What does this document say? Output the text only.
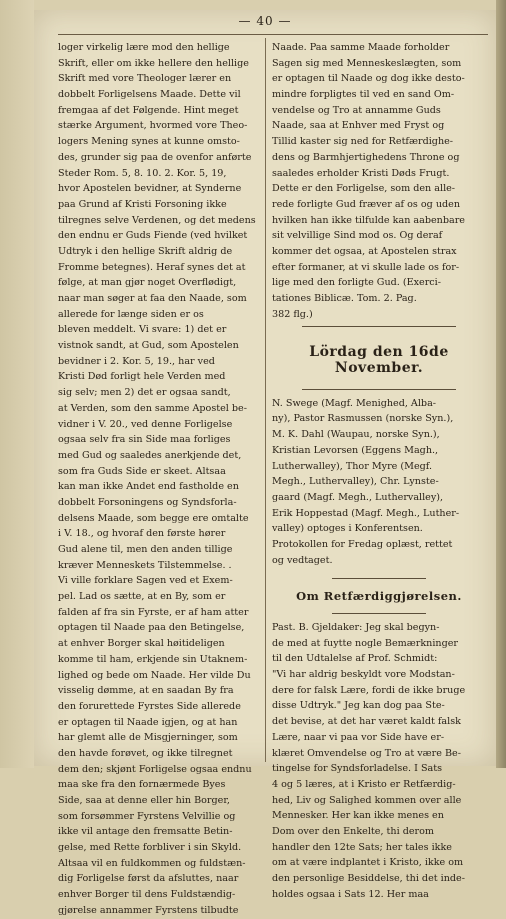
— 40 —
loger virkelig lære mod den hellige
Skrift, eller om ikke hellere den hellige
Skrift med vore Theologer lærer en
dobbelt Forligelsens Maade. Dette vil
fremgaa af det Følgende. Hint meget
stærke Argument, hvormed vore Theo-
logers Mening synes at kunne omsto-
des, grunder sig paa de ovenfor anførte
Steder Rom. 5, 8. 10. 2. Kor. 5, 19,
hvor Apostelen bevidner, at Synderne
paa Grund af Kristi Forsoning ikke
tilregnes selve Verdenen, og det medens
den endnu er Guds Fiende (ved hvilket
Udtryk i den hellige Skrift aldrig de
Fromme betegnes). Heraf synes det at
følge, at man gjør noget Overflødigt,
naar man søger at faa den Naade, som
allerede for længe siden er os
bleven meddelt. Vi svare: 1) det er
vistnok sandt, at Gud, som Apostelen
bevidner i 2. Kor. 5, 19., har ved
Kristi Død forligt hele Verden med
sig selv; men 2) det er ogsaa sandt,
at Verden, som den samme Apostel be-
vidner i V. 20., ved denne Forligelse
ogsaa selv fra sin Side maa forliges
med Gud og saaledes anerkjende det,
som fra Guds Side er skeet. Altsaa
kan man ikke Andet end fastholde en
dobbelt Forsoningens og Syndsforla-
delsens Maade, som begge ere omtalte
i V. 18., og hvoraf den første hører
Gud alene til, men den anden tillige
kræver Menneskets Tilstemmelse. .
Vi ville forklare Sagen ved et Exem-
pel. Lad os sætte, at en By, som er
falden af fra sin Fyrste, er af ham atter
optagen til Naade paa den Betingelse,
at enhver Borger skal høitideligen
komme til ham, erkjende sin Utaknem-
lighed og bede om Naade. Her vilde Du
visselig dømme, at en saadan By fra
den forurettede Fyrstes Side allerede
er optagen til Naade igjen, og at han
har glemt alle de Misgjerninger, som
den havde forøvet, og ikke tilregnet
dem den; skjønt Forligelse ogsaa endnu
maa ske fra den fornærmede Byes
Side, saa at denne eller hin Borger,
som forsømmer Fyrstens Velvillie og
ikke vil antage den fremsatte Betin-
gelse, med Rette forbliver i sin Skyld.
Altsaa vil en fuldkommen og fuldstæn-
dig Forligelse først da afsluttes, naar
enhver Borger til dens Fuldstændig-
gjørelse annammer Fyrstens tilbudte
Naade. Paa samme Maade forholder
Sagen sig med Menneskeslægten, som
er optagen til Naade og dog ikke desto-
mindre forpligtes til ved en sand Om-
vendelse og Tro at annamme Guds
Naade, saa at Enhver med Fryst og
Tillid kaster sig ned for Retfærdighe-
dens og Barmhjertighedens Throne og
saaledes erholder Kristi Døds Frugt.
Dette er den Forligelse, som den alle-
rede forligte Gud fræver af os og uden
hvilken han ikke tilfulde kan aabenbare
sit velvillige Sind mod os. Og deraf
kommer det ogsaa, at Apostelen strax
efter formaner, at vi skulle lade os for-
lige med den forligte Gud. (Exerci-
tationes Biblicæ. Tom. 2. Pag.
382 flg.)
Lördag den 16de November.
N. Swege (Magf. Menighed, Alba-
ny), Pastor Rasmussen (norske Syn.),
M. K. Dahl (Waupau, norske Syn.),
Kristian Levorsen (Eggens Magh.,
Lutherwalley), Thor Myre (Megf.
Megh., Luthervalley), Chr. Lynste-
gaard (Magf. Megh., Luthervalley),
Erik Hoppestad (Magf. Megh., Luther-
valley) optoges i Konferentsen.
Protokollen for Fredag oplæst, rettet
og vedtaget.
Om Retfærdiggjørelsen.
Past. B. Gjeldaker: Jeg skal begyn-
de med at fuytte nogle Bemærkninger
til den Udtalelse af Prof. Schmidt:
"Vi har aldrig beskyldt vore Modstan-
dere for falsk Lære, fordi de ikke bruge
disse Udtryk." Jeg kan dog paa Ste-
det bevise, at det har været kaldt falsk
Lære, naar vi paa vor Side have er-
klæret Omvendelse og Tro at være Be-
tingelse for Syndsforladelse. I Sats
4 og 5 læres, at i Kristo er Retfærdig-
hed, Liv og Salighed kommen over alle
Mennesker. Her kan ikke menes en
Dom over den Enkelte, thi derom
handler den 12te Sats; her tales ikke
om at være indplantet i Kristo, ikke om
den personlige Besiddelse, thi det inde-
holdes ogsaa i Sats 12. Her maa
